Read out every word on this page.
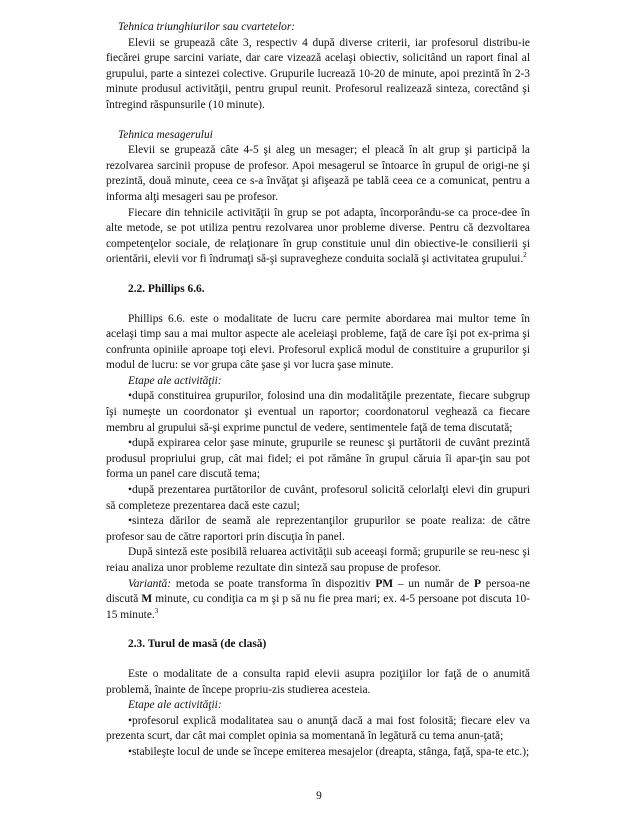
Tehnica triunghiurilor sau cvartetelor:

Elevii se grupează câte 3, respectiv 4 după diverse criterii, iar profesorul distribu-ie fiecărei grupe sarcini variate, dar care vizează acelaşi obiectiv, solicitând un raport final al grupului, parte a sintezei colective. Grupurile lucrează 10-20 de minute, apoi prezintă în 2-3 minute produsul activităţii, pentru grupul reunit. Profesorul realizează sinteza, corectând şi întregind răspunsurile (10 minute).

Tehnica mesagerului

Elevii se grupează câte 4-5 şi aleg un mesager; el pleacă în alt grup şi participă la rezolvarea sarcinii propuse de profesor. Apoi mesagerul se întoarce în grupul de origi-ne şi prezintă, două minute, ceea ce s-a învăţat şi afişează pe tablă ceea ce a comunicat, pentru a informa alţi mesageri sau pe profesor.

Fiecare din tehnicile activităţii în grup se pot adapta, încorporându-se ca proce-dee în alte metode, se pot utiliza pentru rezolvarea unor probleme diverse. Pentru că dezvoltarea competenţelor sociale, de relaţionare în grup constituie unul din obiective-le consilierii şi orientării, elevii vor fi îndrumaţi să-şi supravegheze conduita socială şi activitatea grupului.$^2$

2.2. Phillips 6.6.

Phillips 6.6. este o modalitate de lucru care permite abordarea mai multor teme în acelaşi timp sau a mai multor aspecte ale aceleiaşi probleme, faţă de care îşi pot ex-prima şi confrunta opiniile aproape toţi elevi. Profesorul explică modul de constituire a grupurilor şi modul de lucru: se vor grupa câte şase şi vor lucra şase minute.

Etape ale activităţii:

• după constituirea grupurilor, folosind una din modalităţile prezentate, fiecare subgrup îşi numeşte un coordonator şi eventual un raportor; coordonatorul veghează ca fiecare membru al grupului să-şi exprime punctul de vedere, sentimentele faţă de tema discutată;

• după expirarea celor şase minute, grupurile se reunesc şi purtătorii de cuvânt prezintă produsul propriului grup, cât mai fidel; ei pot rămâne în grupul căruia îi apar-ţin sau pot forma un panel care discută tema;

• după prezentarea purtătorilor de cuvânt, profesorul solicită celorlalţi elevi din grupuri să completeze prezentarea dacă este cazul;

• sinteza dărilor de seamă ale reprezentanţilor grupurilor se poate realiza: de către profesor sau de către raportori prin discuţia în panel.

După sinteză este posibilă reluarea activităţii sub aceeaşi formă; grupurile se reu-nesc şi reiau analiza unor probleme rezultate din sinteză sau propuse de profesor.

Variantă: metoda se poate transforma în dispozitiv PM – un număr de P persoa-ne discută M minute, cu condiţia ca m şi p să nu fie prea mari; ex. 4-5 persoane pot discuta 10-15 minute.$^3$

2.3. Turul de masă (de clasă)

Este o modalitate de a consulta rapid elevii asupra poziţiilor lor faţă de o anumită problemă, înainte de începe propriu-zis studierea acesteia.

Etape ale activităţii:

• profesorul explică modalitatea sau o anunţă dacă a mai fost folosită; fiecare elev va prezenta scurt, dar cât mai complet opinia sa momentană în legătură cu tema anun-ţată;

• stabileşte locul de unde se începe emiterea mesajelor (dreapta, stânga, faţă, spa-te etc.);

9
